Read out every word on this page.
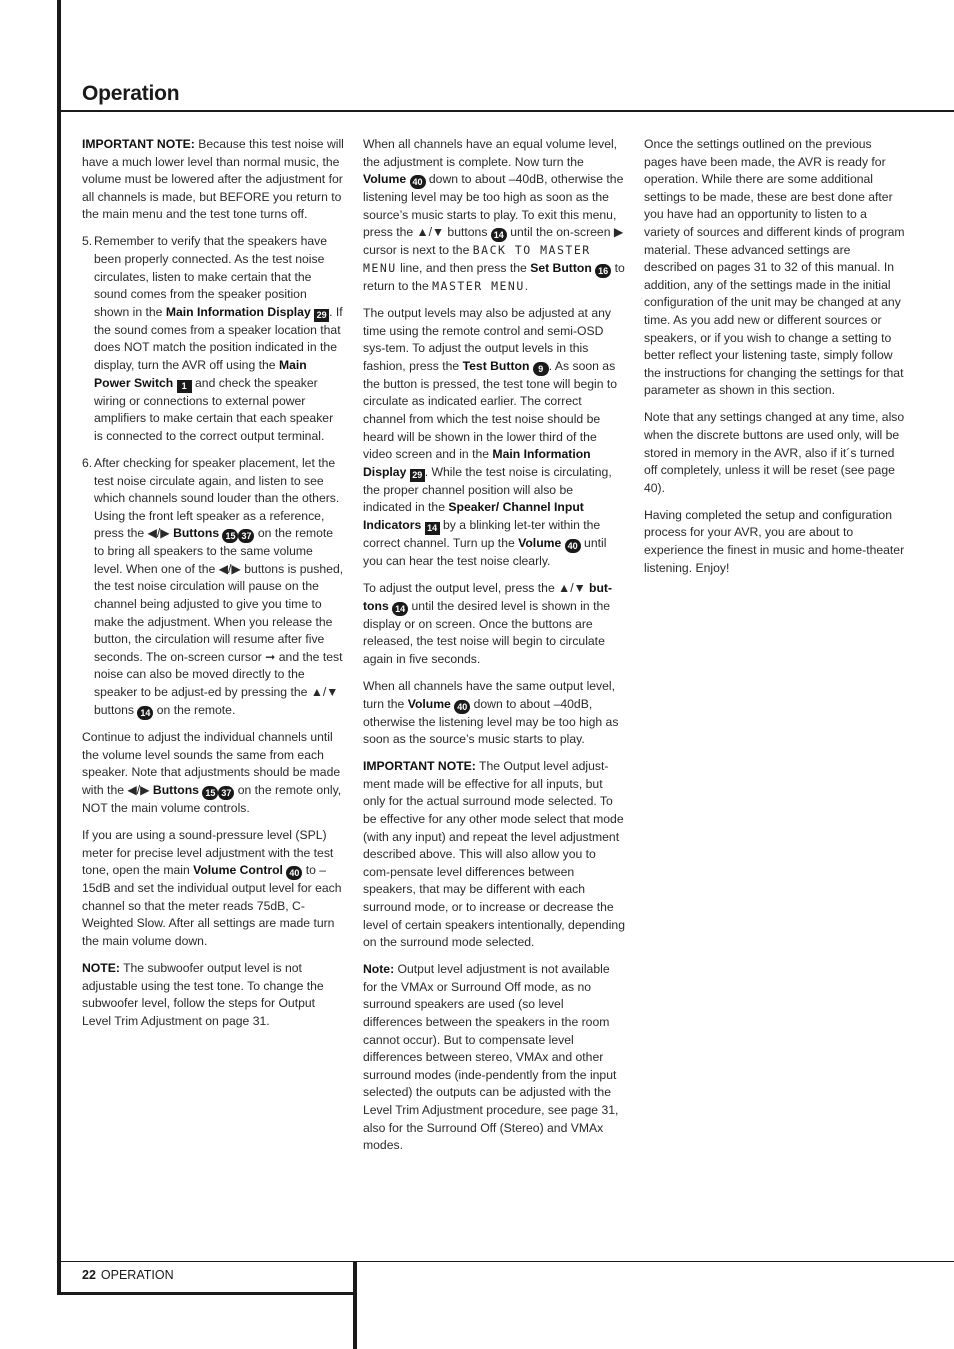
Operation

IMPORTANT NOTE: Because this test noise will have a much lower level than normal music, the volume must be lowered after the adjustment for all channels is made, but BEFORE you return to the main menu and the test tone turns off.

5. Remember to verify that the speakers have been properly connected. As the test noise circulates, listen to make certain that the sound comes from the speaker position shown in the Main Information Display 29 . If the sound comes from a speaker location that does NOT match the position indicated in the display, turn the AVR off using the Main Power Switch 1 and check the speaker wiring or connections to external power amplifiers to make certain that each speaker is connected to the correct output terminal.
6. After checking for speaker placement, let the test noise circulate again, and listen to see which channels sound louder than the others. Using the front left speaker as a reference, press the ◀/▶ Buttons 15 37 on the remote to bring all speakers to the same volume level. When one of the ◀/▶ buttons is pushed, the test noise circulation will pause on the channel being adjusted to give you time to make the adjustment. When you release the button, the circulation will resume after five seconds. The on-screen cursor ➞ and the test noise can also be moved directly to the speaker to be adjust-ed by pressing the ▲/▼ buttons 14 on the remote.

Continue to adjust the individual channels until the volume level sounds the same from each speaker. Note that adjustments should be made with the ◀/▶ Buttons 15 37 on the remote only, NOT the main volume controls.

If you are using a sound-pressure level (SPL) meter for precise level adjustment with the test tone, open the main Volume Control 40 to –15dB and set the individual output level for each channel so that the meter reads 75dB, C-Weighted Slow. After all settings are made turn the main volume down.

NOTE: The subwoofer output level is not adjustable using the test tone. To change the subwoofer level, follow the steps for Output Level Trim Adjustment on page 31.

When all channels have an equal volume level, the adjustment is complete. Now turn the Volume 40 down to about –40dB, otherwise the listening level may be too high as soon as the source’s music starts to play. To exit this menu, press the ▲/▼ buttons 14 until the on-screen ▶ cursor is next to the BACK TO MASTER MENU line, and then press the Set Button 16 to return to the MASTER MENU.

The output levels may also be adjusted at any time using the remote control and semi-OSD sys-tem. To adjust the output levels in this fashion, press the Test Button 9 . As soon as the button is pressed, the test tone will begin to circulate as indicated earlier. The correct channel from which the test noise should be heard will be shown in the lower third of the video screen and in the Main Information Display 29 . While the test noise is circulating, the proper channel position will also be indicated in the Speaker/ Channel Input Indicators 14 by a blinking let-ter within the correct channel. Turn up the Volume 40 until you can hear the test noise clearly.

To adjust the output level, press the ▲/▼ but-tons 14 until the desired level is shown in the display or on screen. Once the buttons are released, the test noise will begin to circulate again in five seconds.

When all channels have the same output level, turn the Volume 40 down to about –40dB, otherwise the listening level may be too high as soon as the source’s music starts to play.

IMPORTANT NOTE: The Output level adjust-ment made will be effective for all inputs, but only for the actual surround mode selected. To be effective for any other mode select that mode (with any input) and repeat the level adjustment described above. This will also allow you to com-pensate level differences between speakers, that may be different with each surround mode, or to increase or decrease the level of certain speakers intentionally, depending on the surround mode selected.

Note: Output level adjustment is not available for the VMAx or Surround Off mode, as no surround speakers are used (so level differences between the speakers in the room cannot occur). But to compensate level differences between stereo, VMAx and other surround modes (inde-pendently from the input selected) the outputs can be adjusted with the Level Trim Adjustment procedure, see page 31, also for the Surround Off (Stereo) and VMAx modes.

Once the settings outlined on the previous pages have been made, the AVR is ready for operation. While there are some additional settings to be made, these are best done after you have had an opportunity to listen to a variety of sources and different kinds of program material. These advanced settings are described on pages 31 to 32 of this manual. In addition, any of the settings made in the initial configuration of the unit may be changed at any time. As you add new or different sources or speakers, or if you wish to change a setting to better reflect your listening taste, simply follow the instructions for changing the settings for that parameter as shown in this section.

Note that any settings changed at any time, also when the discrete buttons are used only, will be stored in memory in the AVR, also if it´s turned off completely, unless it will be reset (see page 40).

Having completed the setup and configuration process for your AVR, you are about to experience the finest in music and home-theater listening. Enjoy!

22 OPERATION
